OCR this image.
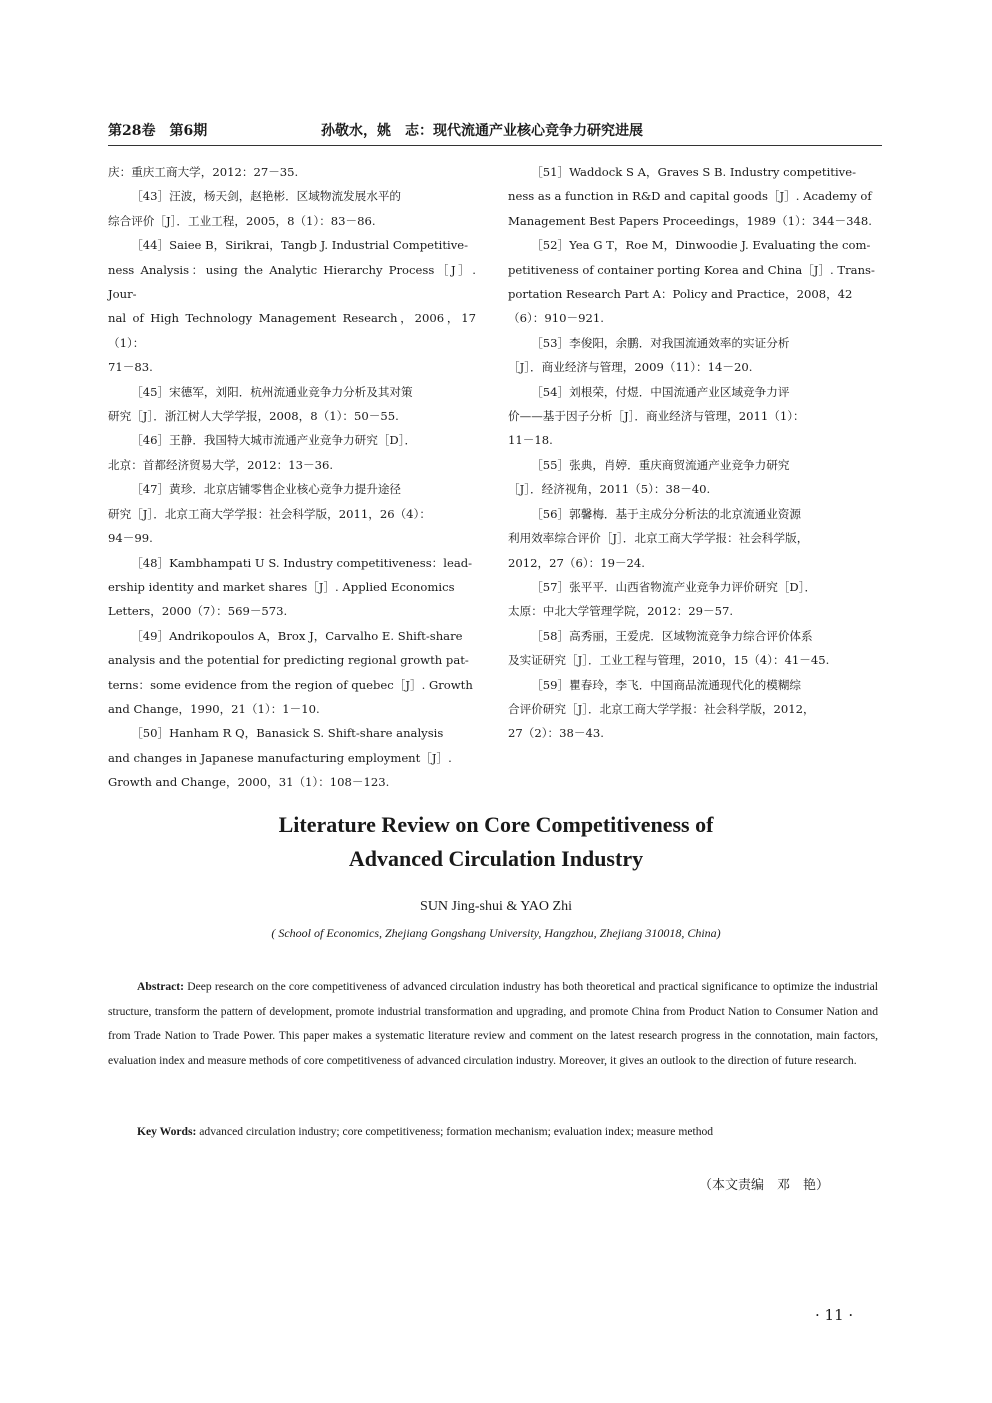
第28卷　第6期	孙敬水，姚　志：现代流通产业核心竞争力研究进展

庆：重庆工商大学，2012：27－35.

［43］汪波，杨天剑，赵艳彬．区域物流发展水平的
综合评价［J］．工业工程，2005，8（1）：83－86.

［44］Saiee B，Sirikrai，Tangb J. Industrial Competitive-
ness Analysis：using the Analytic Hierarchy Process［J］. Jour-
nal of High Technology Management Research，2006，17（1）：
71－83.

［45］宋德军，刘阳．杭州流通业竞争力分析及其对策
研究［J］．浙江树人大学学报，2008，8（1）：50－55.

［46］王静．我国特大城市流通产业竞争力研究［D］．
北京：首都经济贸易大学，2012：13－36.

［47］黄珍．北京店铺零售企业核心竞争力提升途径
研究［J］．北京工商大学学报：社会科学版，2011，26（4）：
94－99.

［48］Kambhampati U S. Industry competitiveness：lead-
ership identity and market shares［J］. Applied Economics
Letters，2000（7）：569－573.

［49］Andrikopoulos A，Brox J，Carvalho E. Shift-share
analysis and the potential for predicting regional growth pat-
terns：some evidence from the region of quebec［J］. Growth
and Change，1990，21（1）：1－10.

［50］Hanham R Q，Banasick S. Shift-share analysis
and changes in Japanese manufacturing employment［J］.
Growth and Change，2000，31（1）：108－123.

［51］Waddock S A，Graves S B. Industry competitive-
ness as a function in R&D and capital goods［J］. Academy of
Management Best Papers Proceedings，1989（1）：344－348.

［52］Yea G T，Roe M，Dinwoodie J. Evaluating the com-
petitiveness of container porting Korea and China［J］. Trans-
portation Research Part A：Policy and Practice，2008，42
（6）：910－921.

［53］李俊阳，余鹏．对我国流通效率的实证分析
［J］．商业经济与管理，2009（11）：14－20.

［54］刘根荣，付煜．中国流通产业区域竞争力评
价——基于因子分析［J］．商业经济与管理，2011（1）：
11－18.

［55］张典，肖婷．重庆商贸流通产业竞争力研究
［J］．经济视角，2011（5）：38－40.

［56］郭馨梅．基于主成分分析法的北京流通业资源
利用效率综合评价［J］．北京工商大学学报：社会科学版，
2012，27（6）：19－24.

［57］张平平．山西省物流产业竞争力评价研究［D］．
太原：中北大学管理学院，2012：29－57.

［58］高秀丽，王爱虎．区域物流竞争力综合评价体系
及实证研究［J］．工业工程与管理，2010，15（4）：41－45.

［59］瞿春玲，李飞．中国商品流通现代化的模糊综
合评价研究［J］．北京工商大学学报：社会科学版，2012，
27（2）：38－43.

Literature Review on Core Competitiveness of
Advanced Circulation Industry
SUN Jing-shui & YAO Zhi
( School of Economics, Zhejiang Gongshang University, Hangzhou, Zhejiang 310018, China)

Abstract: Deep research on the core competitiveness of advanced circulation industry has both theoretical and practical significance to optimize the industrial structure, transform the pattern of development, promote industrial transformation and upgrading, and promote China from Product Nation to Consumer Nation and from Trade Nation to Trade Power. This paper makes a systematic literature review and comment on the latest research progress in the connotation, main factors, evaluation index and measure methods of core competitiveness of advanced circulation industry. Moreover, it gives an outlook to the direction of future research.

Key Words: advanced circulation industry; core competitiveness; formation mechanism; evaluation index; measure method

（本文责编　邓　艳）
· 11 ·
